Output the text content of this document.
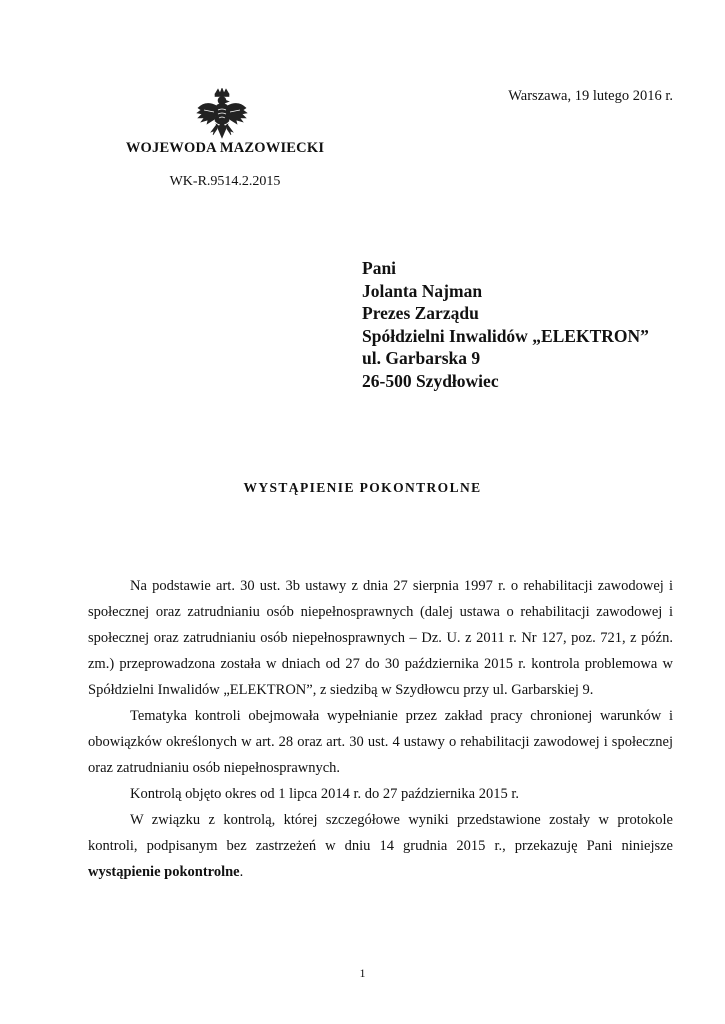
Warszawa, 19 lutego 2016 r.
WOJEWODA MAZOWIECKI
WK-R.9514.2.2015
Pani
Jolanta Najman
Prezes Zarządu
Spółdzielni Inwalidów „ELEKTRON”
ul. Garbarska 9
26-500 Szydłowiec
WYSTĄPIENIE POKONTROLNE

Na podstawie art. 30 ust. 3b ustawy z dnia 27 sierpnia 1997 r. o rehabilitacji zawodowej i społecznej oraz zatrudnianiu osób niepełnosprawnych (dalej ustawa o rehabilitacji zawodowej i społecznej oraz zatrudnianiu osób niepełnosprawnych – Dz. U. z 2011 r. Nr 127, poz. 721, z późn. zm.) przeprowadzona została w dniach od 27 do 30 października 2015 r. kontrola problemowa w Spółdzielni Inwalidów „ELEKTRON”, z siedzibą w Szydłowcu przy ul. Garbarskiej 9.

Tematyka kontroli obejmowała wypełnianie przez zakład pracy chronionej warunków i obowiązków określonych w art. 28 oraz art. 30 ust. 4 ustawy o rehabilitacji zawodowej i społecznej oraz zatrudnianiu osób niepełnosprawnych.

Kontrolą objęto okres od 1 lipca 2014 r. do 27 października 2015 r.

W związku z kontrolą, której szczegółowe wyniki przedstawione zostały w protokole kontroli, podpisanym bez zastrzeżeń w dniu 14 grudnia 2015 r., przekazuję Pani niniejsze wystąpienie pokontrolne.

1
